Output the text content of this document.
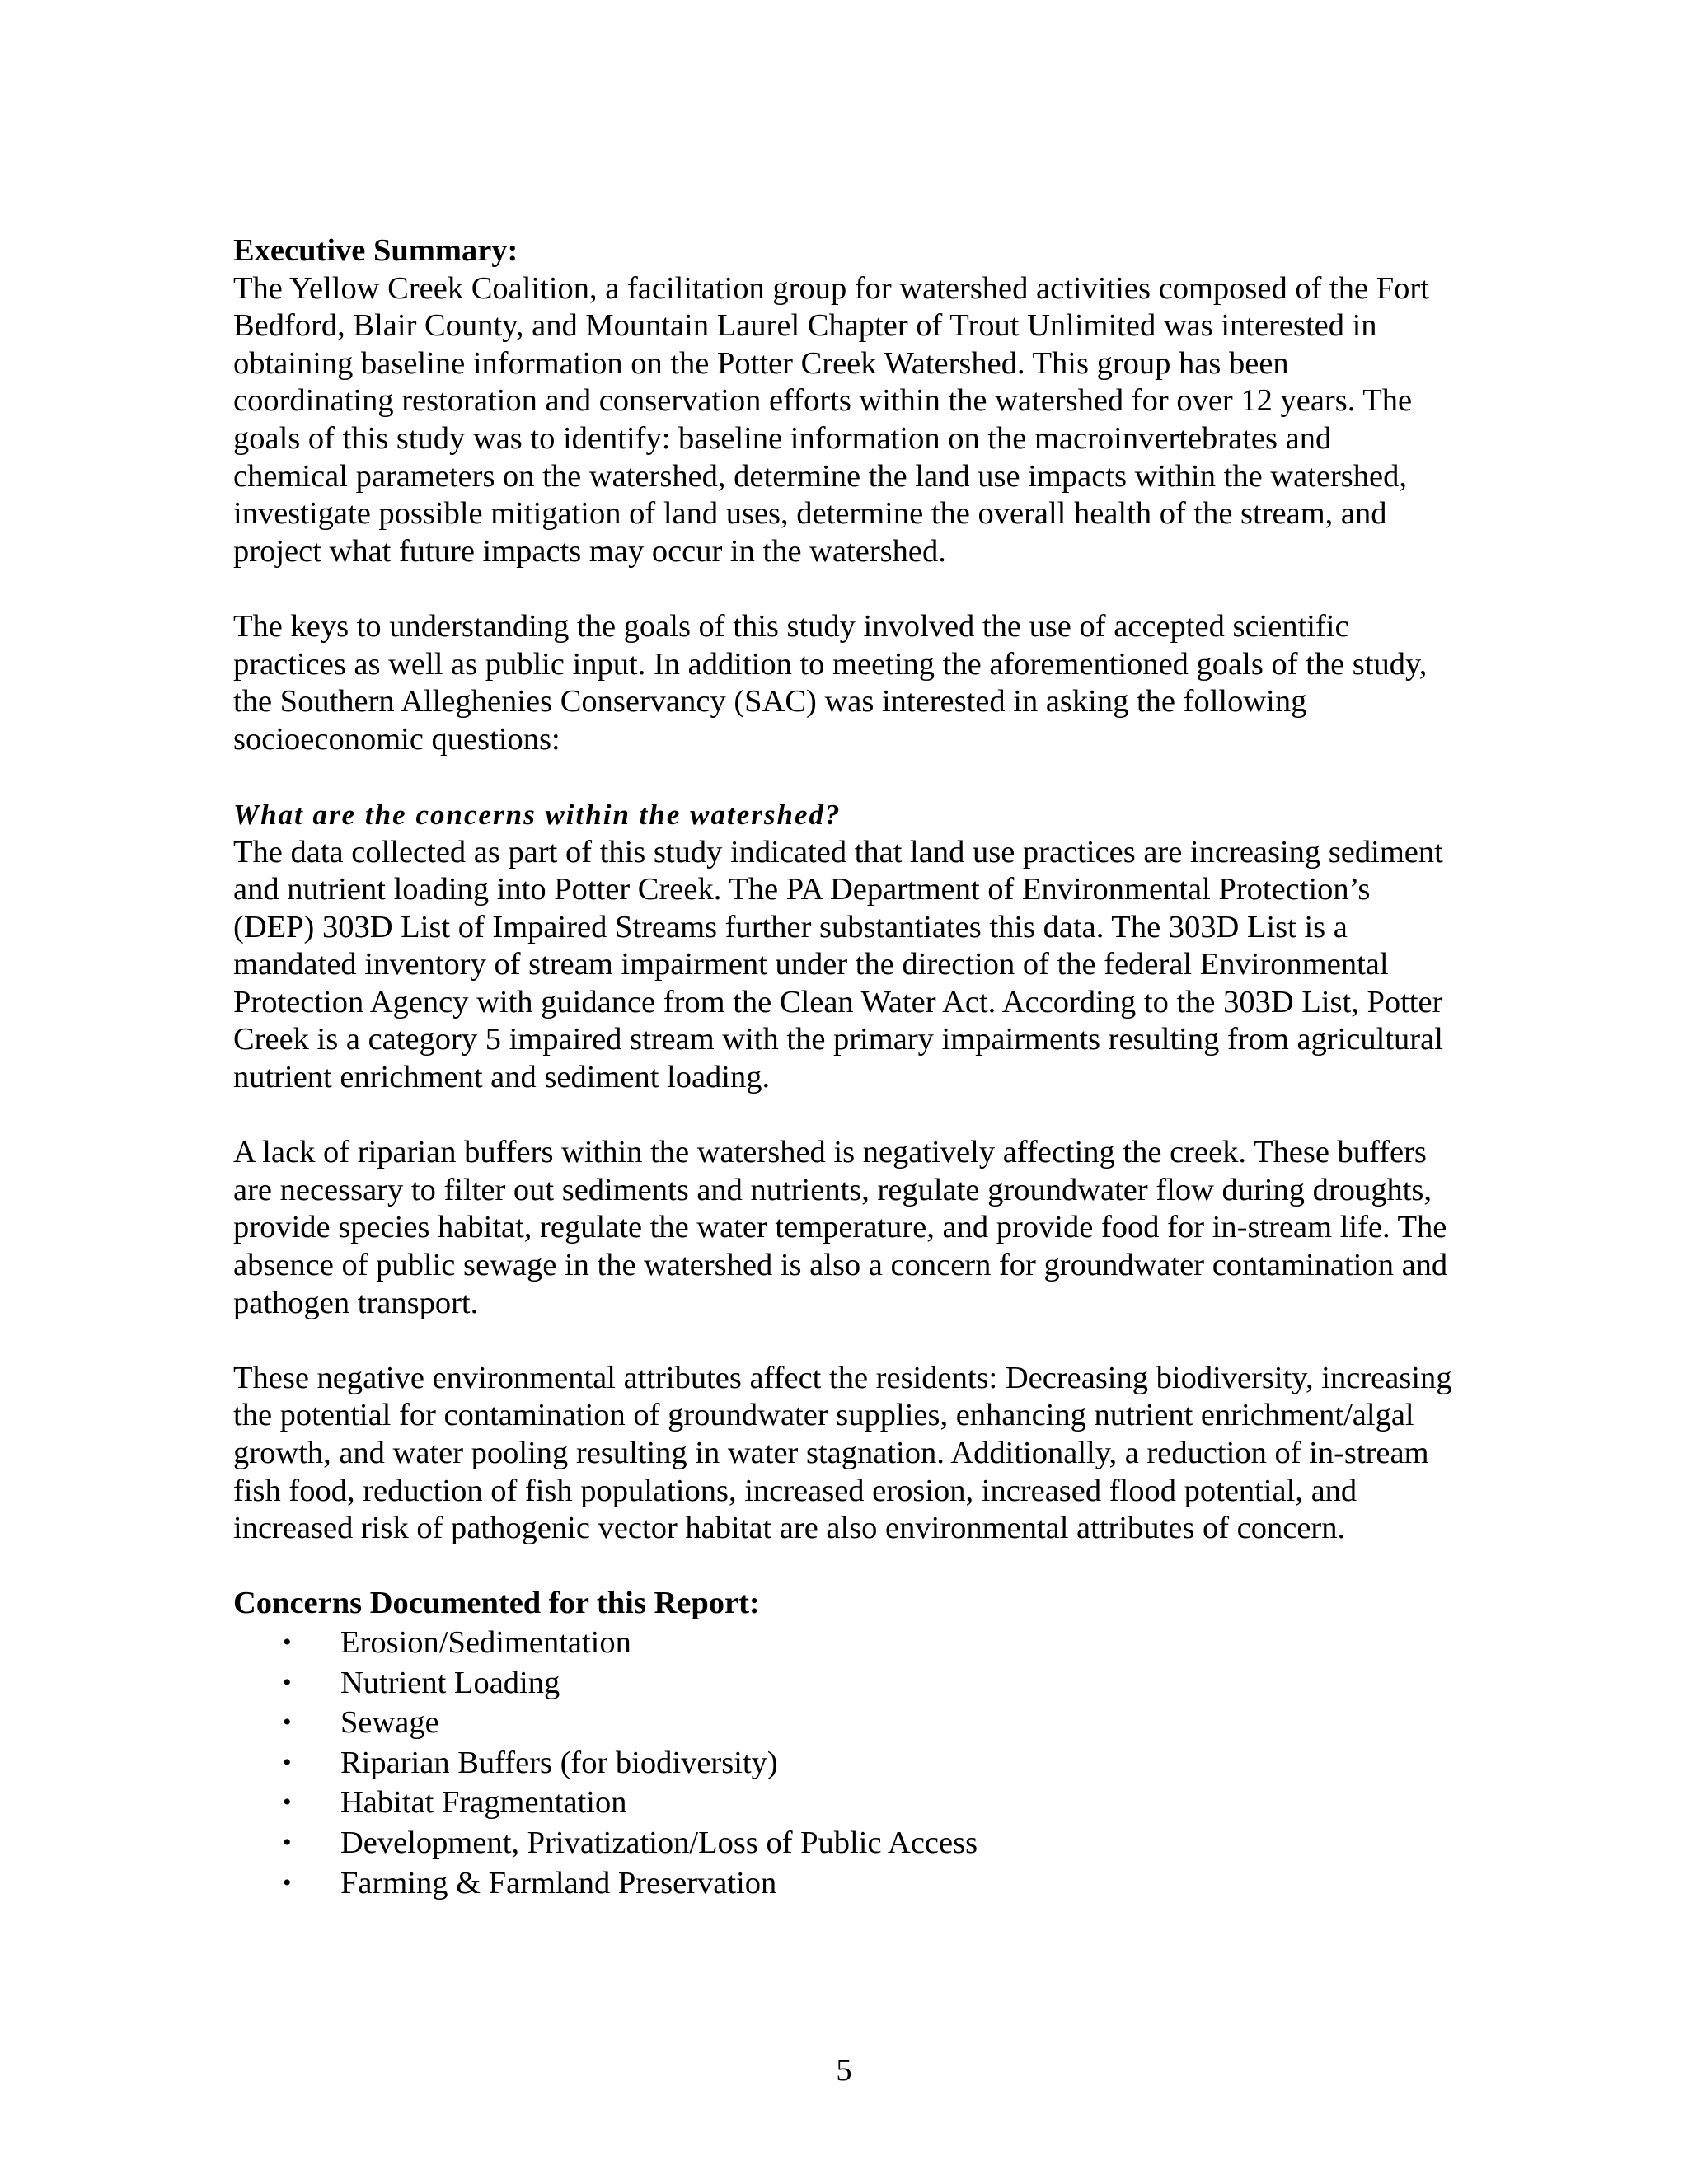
Executive Summary:

The Yellow Creek Coalition, a facilitation group for watershed activities composed of the Fort Bedford, Blair County, and Mountain Laurel Chapter of Trout Unlimited was interested in obtaining baseline information on the Potter Creek Watershed. This group has been coordinating restoration and conservation efforts within the watershed for over 12 years. The goals of this study was to identify: baseline information on the macroinvertebrates and chemical parameters on the watershed, determine the land use impacts within the watershed, investigate possible mitigation of land uses, determine the overall health of the stream, and project what future impacts may occur in the watershed.

The keys to understanding the goals of this study involved the use of accepted scientific practices as well as public input. In addition to meeting the aforementioned goals of the study, the Southern Alleghenies Conservancy (SAC) was interested in asking the following socioeconomic questions:

What are the concerns within the watershed?

The data collected as part of this study indicated that land use practices are increasing sediment and nutrient loading into Potter Creek. The PA Department of Environmental Protection’s (DEP) 303D List of Impaired Streams further substantiates this data. The 303D List is a mandated inventory of stream impairment under the direction of the federal Environmental Protection Agency with guidance from the Clean Water Act. According to the 303D List, Potter Creek is a category 5 impaired stream with the primary impairments resulting from agricultural nutrient enrichment and sediment loading.

A lack of riparian buffers within the watershed is negatively affecting the creek. These buffers are necessary to filter out sediments and nutrients, regulate groundwater flow during droughts, provide species habitat, regulate the water temperature, and provide food for in-stream life. The absence of public sewage in the watershed is also a concern for groundwater contamination and pathogen transport.

These negative environmental attributes affect the residents: Decreasing biodiversity, increasing the potential for contamination of groundwater supplies, enhancing nutrient enrichment/algal growth, and water pooling resulting in water stagnation. Additionally, a reduction of in-stream fish food, reduction of fish populations, increased erosion, increased flood potential, and increased risk of pathogenic vector habitat are also environmental attributes of concern.

Concerns Documented for this Report:

• Erosion/Sedimentation
• Nutrient Loading
• Sewage
• Riparian Buffers (for biodiversity)
• Habitat Fragmentation
• Development, Privatization/Loss of Public Access
• Farming & Farmland Preservation
5
